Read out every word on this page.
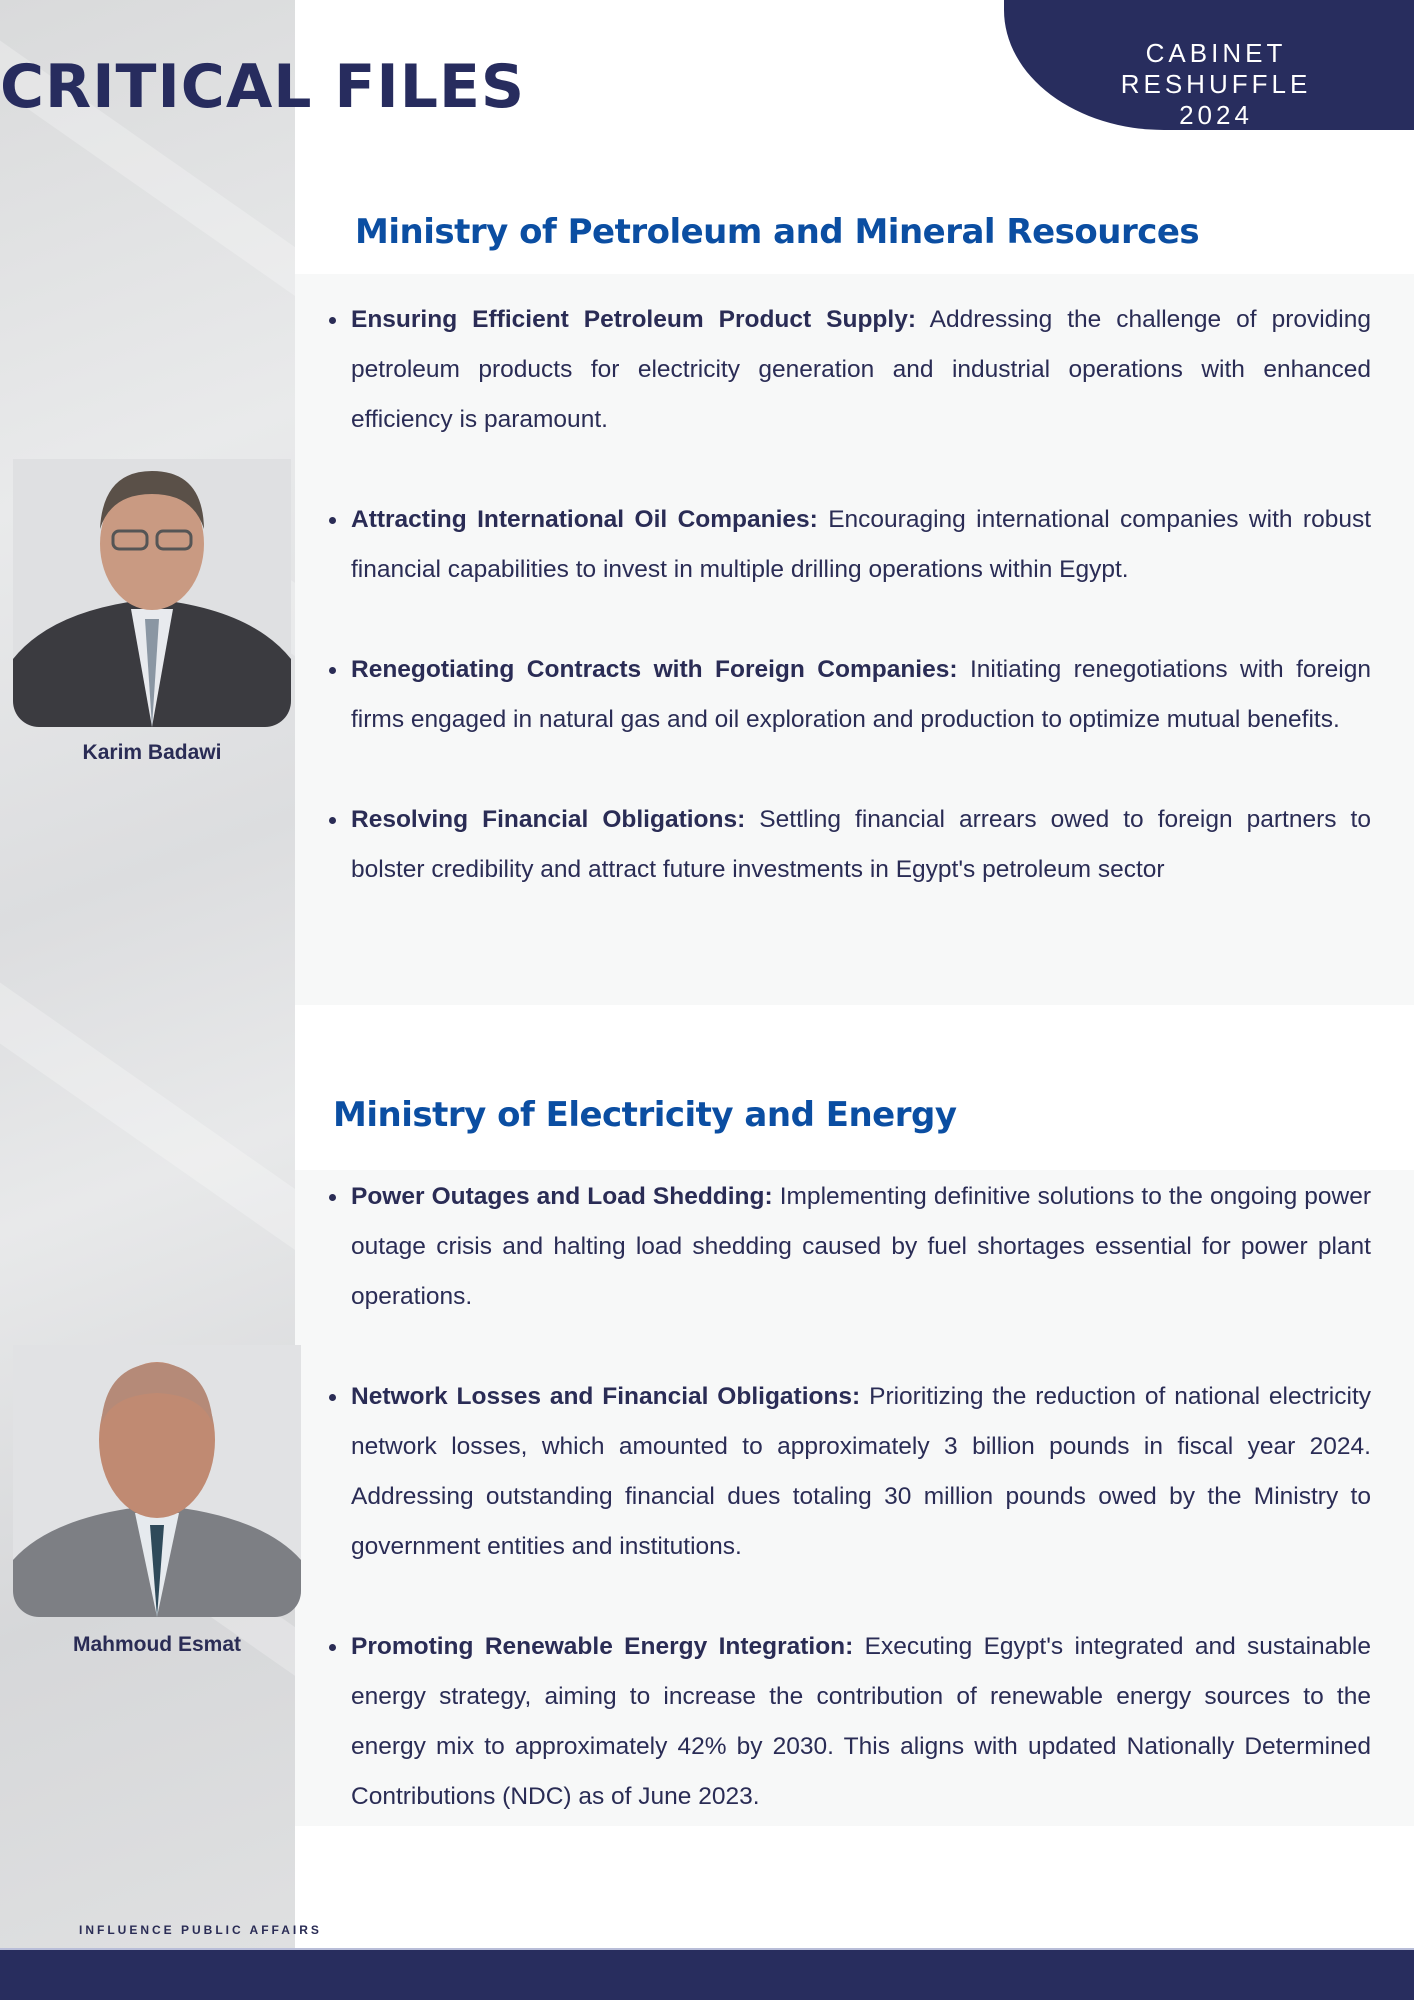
CRITICAL FILES	CABINET RESHUFFLE
2024
Ministry of Petroleum and Mineral Resources
Ensuring Efficient Petroleum Product Supply: Addressing the challenge of providing petroleum products for electricity generation and industrial operations with enhanced efficiency is paramount.
Attracting International Oil Companies: Encouraging international companies with robust financial capabilities to invest in multiple drilling operations within Egypt.
Renegotiating Contracts with Foreign Companies: Initiating renegotiations with foreign firms engaged in natural gas and oil exploration and production to optimize mutual benefits.
Resolving Financial Obligations: Settling financial arrears owed to foreign partners to bolster credibility and attract future investments in Egypt's petroleum sector
Karim Badawi
Ministry of Electricity and Energy
Power Outages and Load Shedding: Implementing definitive solutions to the ongoing power outage crisis and halting load shedding caused by fuel shortages essential for power plant operations.
Network Losses and Financial Obligations: Prioritizing the reduction of national electricity network losses, which amounted to approximately 3 billion pounds in fiscal year 2024. Addressing outstanding financial dues totaling 30 million pounds owed by the Ministry to government entities and institutions.
Promoting Renewable Energy Integration: Executing Egypt's integrated and sustainable energy strategy, aiming to increase the contribution of renewable energy sources to the energy mix to approximately 42% by 2030. This aligns with updated Nationally Determined Contributions (NDC) as of June 2023.
Mahmoud Esmat
INFLUENCE PUBLIC AFFAIRS
